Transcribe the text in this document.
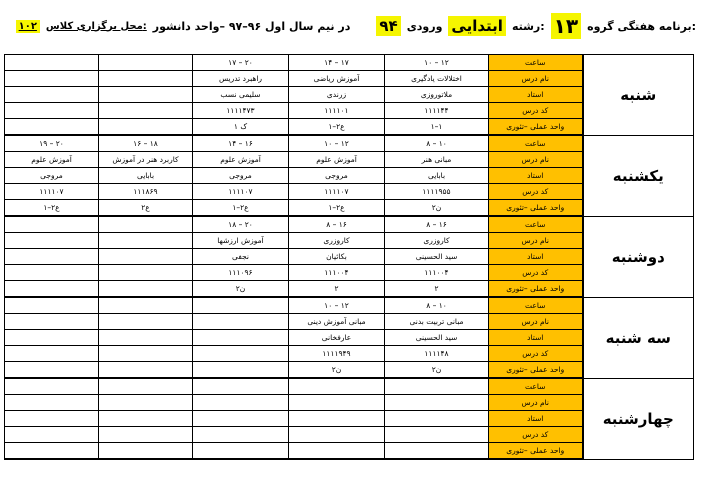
برنامه هفتگی گروه:
۱۳
رشته:
ابتدایی
ورودی
۹۴
در نیم سال اول ۹۶–۹۷ –واحد دانشور
محل برگزاری کلاس:
۱۰۲
		۱۷ – ۲۰	۱۴ – ۱۷	۱۰ – ۱۲	ساعت	شنبه
		راهبرد تدریس	آموزش ریاضی	اختلالات یادگیری	نام درس	
		سلیمی نسب	زرندی	ملاتوروزی	استاد	
		۱۱۱۱۴۷۳	۱۱۱۱۰۱	۱۱۱۱۴۴	کد درس	
		۱ ک	۱–۲ع	۱–۱	واحد عملی –تئوری	
۱۹ – ۲۰	۱۶ – ۱۸	۱۴ – ۱۶	۱۰ – ۱۲	۸ – ۱۰	ساعت	یکشنبه
آموزش علوم	کاربرد هنر در آموزش	آموزش علوم	آموزش علوم	مبانی هنر	نام درس	
مروجی	بابایی	مروجی	مروجی	بابایی	استاد	
۱۱۱۱۰۷	۱۱۱۸۶۹	۱۱۱۱۰۷	۱۱۱۱۰۷	۱۱۱۱۹۵۵	کد درس	
۱–۲ع	۲ع	۱–۲ع	۱–۲ع	۲ن	واحد عملی –تئوری	
		۱۸ – ۲۰	۸ – ۱۶	۸ – ۱۶	ساعت	دوشنبه
		آموزش ارزشها	کاروزری	کاروزری	نام درس	
		نجفی	بکائیان	سید الحسینی	استاد	
		۱۱۱۰۹۶	۱۱۱۰۰۴	۱۱۱۰۰۴	کد درس	
		۲ن	۲	۲	واحد عملی –تئوری	
			۱۰ – ۱۲	۸ – ۱۰	ساعت	سه شنبه
			مبانی آموزش دینی	مبانی تربیت بدنی	نام درس	
			عارفخانی	سید الحسینی	استاد	
			۱۱۱۱۹۴۹	۱۱۱۱۴۸	کد درس	
			۲ن	۲ن	واحد عملی –تئوری	
					ساعت	چهارشنبه
					نام درس	
					استاد	
					کد درس	
					واحد عملی –تئوری	
